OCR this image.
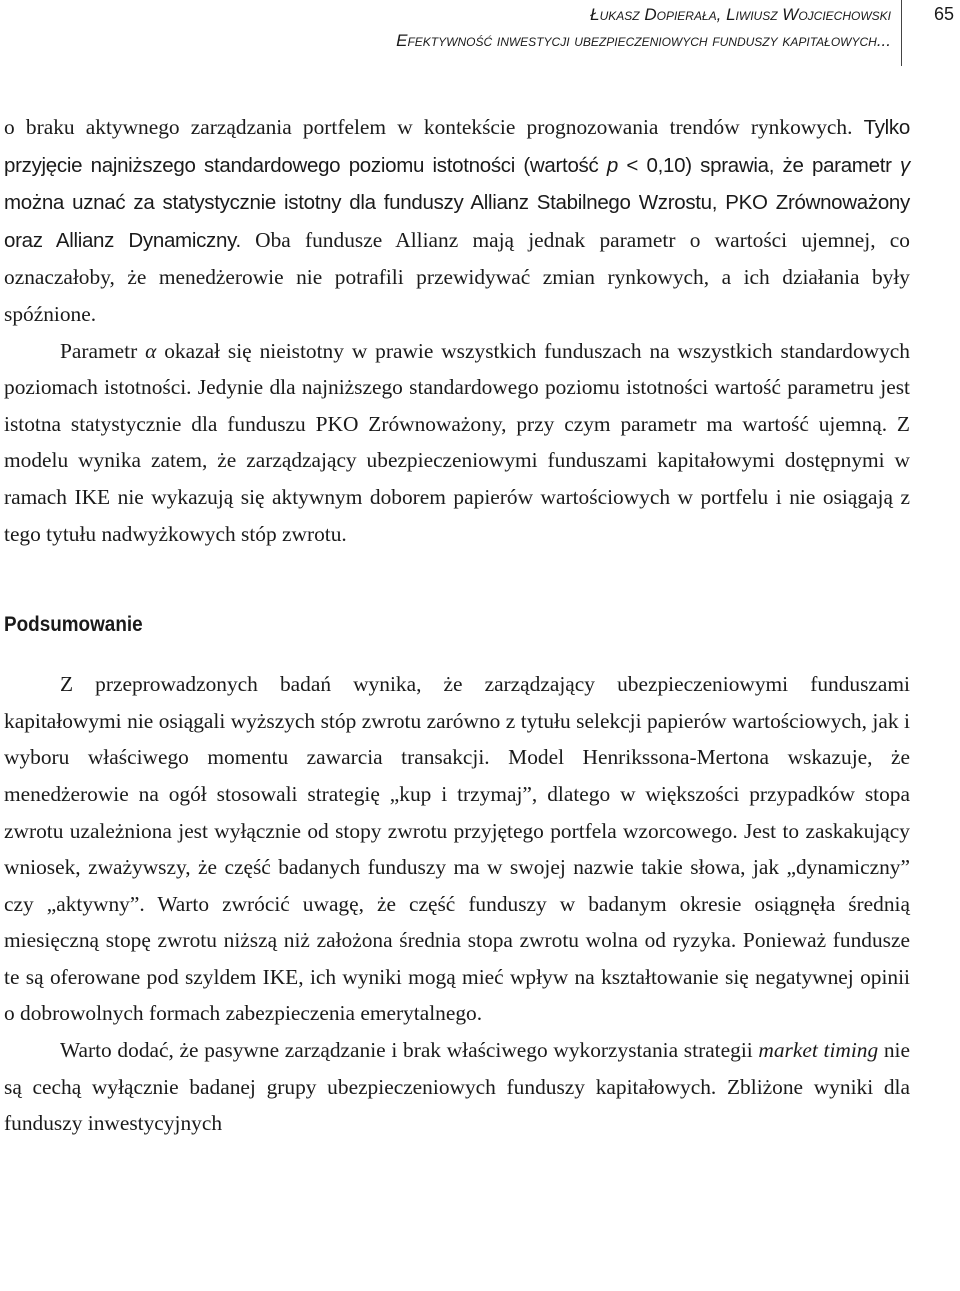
Łukasz Dopierała, Liwiusz Wojciechowski
Efektywność inwestycji ubezpieczeniowych funduszy kapitałowych...
65

o braku aktywnego zarządzania portfelem w kontekście prognozowania trendów rynkowych. Tylko przyjęcie najniższego standardowego poziomu istotności (wartość p < 0,10) sprawia, że parametr γ można uznać za statystycznie istotny dla funduszy Allianz Stabilnego Wzrostu, PKO Zrównoważony oraz Allianz Dynamiczny. Oba fundusze Allianz mają jednak parametr o wartości ujemnej, co oznaczałoby, że menedżerowie nie potrafili przewidywać zmian rynkowych, a ich działania były spóźnione.

Parametr α okazał się nieistotny w prawie wszystkich funduszach na wszystkich standardowych poziomach istotności. Jedynie dla najniższego standardowego poziomu istotności wartość parametru jest istotna statystycznie dla funduszu PKO Zrównoważony, przy czym parametr ma wartość ujemną. Z modelu wynika zatem, że zarządzający ubezpieczeniowymi funduszami kapitałowymi dostępnymi w ramach IKE nie wykazują się aktywnym doborem papierów wartościowych w portfelu i nie osiągają z tego tytułu nadwyżkowych stóp zwrotu.

Podsumowanie

Z przeprowadzonych badań wynika, że zarządzający ubezpieczeniowymi funduszami kapitałowymi nie osiągali wyższych stóp zwrotu zarówno z tytułu selekcji papierów wartościowych, jak i wyboru właściwego momentu zawarcia transakcji. Model Henrikssona-Mertona wskazuje, że menedżerowie na ogół stosowali strategię „kup i trzymaj”, dlatego w większości przypadków stopa zwrotu uzależniona jest wyłącznie od stopy zwrotu przyjętego portfela wzorcowego. Jest to zaskakujący wniosek, zważywszy, że część badanych funduszy ma w swojej nazwie takie słowa, jak „dynamiczny” czy „aktywny”. Warto zwrócić uwagę, że część funduszy w badanym okresie osiągnęła średnią miesięczną stopę zwrotu niższą niż założona średnia stopa zwrotu wolna od ryzyka. Ponieważ fundusze te są oferowane pod szyldem IKE, ich wyniki mogą mieć wpływ na kształtowanie się negatywnej opinii o dobrowolnych formach zabezpieczenia emerytalnego.

Warto dodać, że pasywne zarządzanie i brak właściwego wykorzystania strategii market timing nie są cechą wyłącznie badanej grupy ubezpieczeniowych funduszy kapitałowych. Zbliżone wyniki dla funduszy inwestycyjnych
